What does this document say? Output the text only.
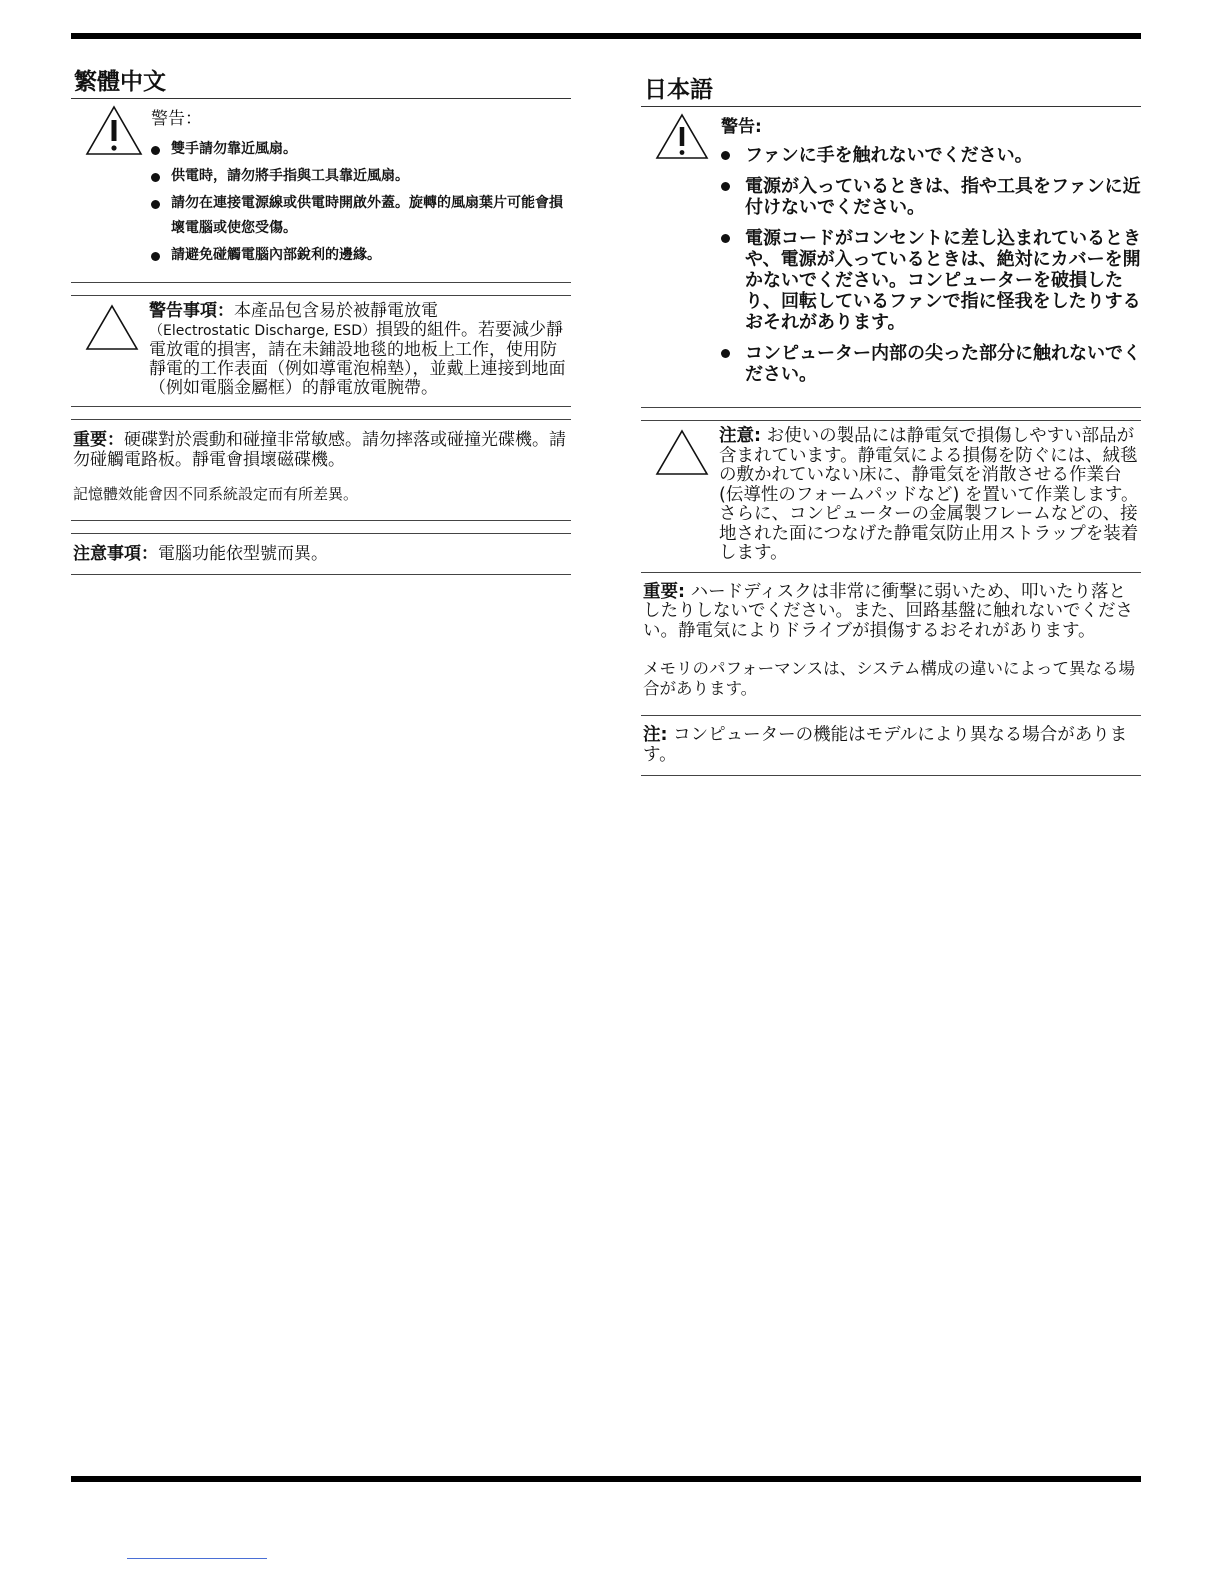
繁體中文
警告：
雙手請勿靠近風扇。
供電時，請勿將手指與工具靠近風扇。
請勿在連接電源線或供電時開啟外蓋。旋轉的風扇葉片可能會損壞電腦或使您受傷。
請避免碰觸電腦內部銳利的邊緣。
警告事項：本產品包含易於被靜電放電
（Electrostatic Discharge, ESD）損毀的組件。若要減少靜電放電的損害，請在未鋪設地毯的地板上工作，使用防靜電的工作表面（例如導電泡棉墊），並戴上連接到地面（例如電腦金屬框）的靜電放電腕帶。

重要：硬碟對於震動和碰撞非常敏感。請勿摔落或碰撞光碟機。請勿碰觸電路板。靜電會損壞磁碟機。

記憶體效能會因不同系統設定而有所差異。

注意事項：電腦功能依型號而異。

日本語
警告:
ファンに手を触れないでください。
電源が入っているときは、指や工具をファンに近付けないでください。
電源コードがコンセントに差し込まれているときや、電源が入っているときは、絶対にカバーを開かないでください。コンピューターを破損したり、回転しているファンで指に怪我をしたりするおそれがあります。
コンピューター内部の尖った部分に触れないでください。
注意: お使いの製品には静電気で損傷しやすい部品が含まれています。静電気による損傷を防ぐには、絨毯の敷かれていない床に、静電気を消散させる作業台(伝導性のフォームパッドなど) を置いて作業します。さらに、コンピューターの金属製フレームなどの、接地された面につなげた静電気防止用ストラップを装着します。

重要: ハードディスクは非常に衝撃に弱いため、叩いたり落としたりしないでください。また、回路基盤に触れないでください。静電気によりドライブが損傷するおそれがあります。

メモリのパフォーマンスは、システム構成の違いによって異なる場合があります。

注: コンピューターの機能はモデルにより異なる場合があります。
